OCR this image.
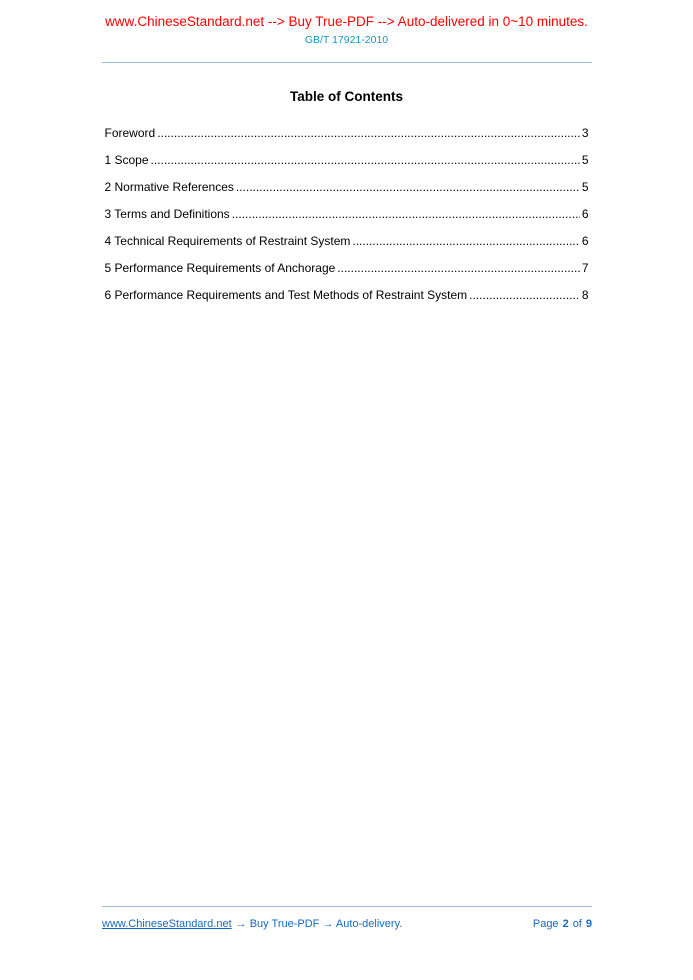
www.ChineseStandard.net --> Buy True-PDF --> Auto-delivered in 0~10 minutes.
GB/T 17921-2010
Table of Contents
Foreword .....	3
1 Scope .....	5
2 Normative References .....	5
3 Terms and Definitions .....	6
4 Technical Requirements of Restraint System .....	6
5 Performance Requirements of Anchorage .....	7
6 Performance Requirements and Test Methods of Restraint System .....	8
www.ChineseStandard.net → Buy True-PDF → Auto-delivery.	Page 2 of 9
